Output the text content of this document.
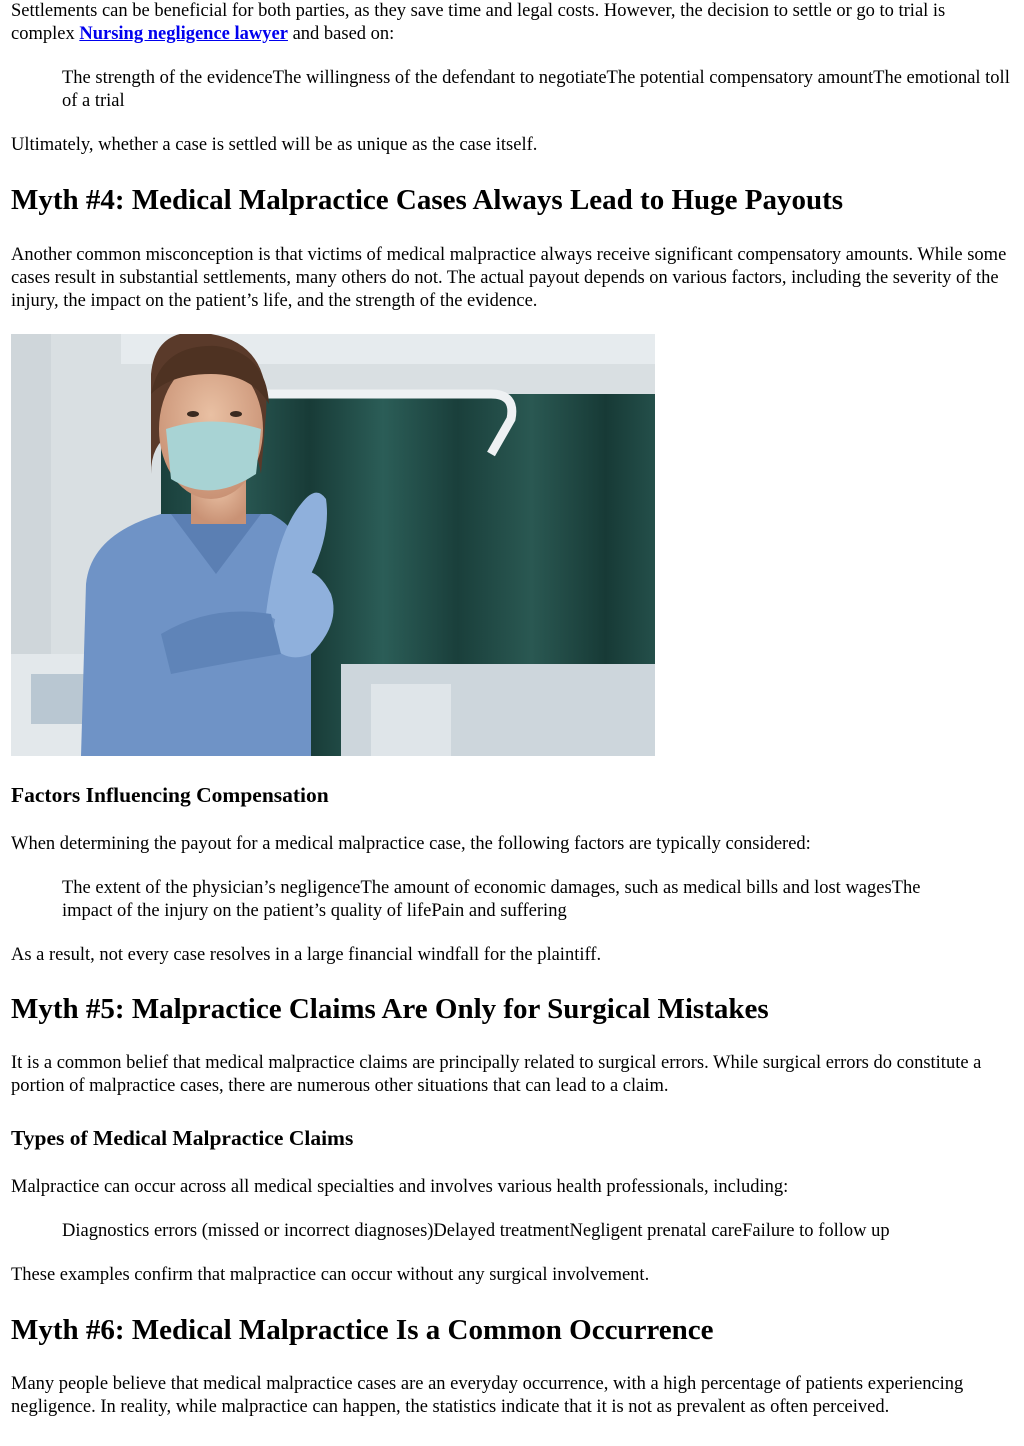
Settlements can be beneficial for both parties, as they save time and legal costs. However, the decision to settle or go to trial is complex Nursing negligence lawyer and based on:

The strength of the evidenceThe willingness of the defendant to negotiateThe potential compensatory amountThe emotional toll of a trial

Ultimately, whether a case is settled will be as unique as the case itself.

Myth #4: Medical Malpractice Cases Always Lead to Huge Payouts

Another common misconception is that victims of medical malpractice always receive significant compensatory amounts. While some cases result in substantial settlements, many others do not. The actual payout depends on various factors, including the severity of the injury, the impact on the patient’s life, and the strength of the evidence.

Factors Influencing Compensation

When determining the payout for a medical malpractice case, the following factors are typically considered:

The extent of the physician’s negligenceThe amount of economic damages, such as medical bills and lost wagesThe impact of the injury on the patient’s quality of lifePain and suffering

As a result, not every case resolves in a large financial windfall for the plaintiff.

Myth #5: Malpractice Claims Are Only for Surgical Mistakes

It is a common belief that medical malpractice claims are principally related to surgical errors. While surgical errors do constitute a portion of malpractice cases, there are numerous other situations that can lead to a claim.

Types of Medical Malpractice Claims

Malpractice can occur across all medical specialties and involves various health professionals, including:

Diagnostics errors (missed or incorrect diagnoses)Delayed treatmentNegligent prenatal careFailure to follow up

These examples confirm that malpractice can occur without any surgical involvement.

Myth #6: Medical Malpractice Is a Common Occurrence

Many people believe that medical malpractice cases are an everyday occurrence, with a high percentage of patients experiencing negligence. In reality, while malpractice can happen, the statistics indicate that it is not as prevalent as often perceived.
